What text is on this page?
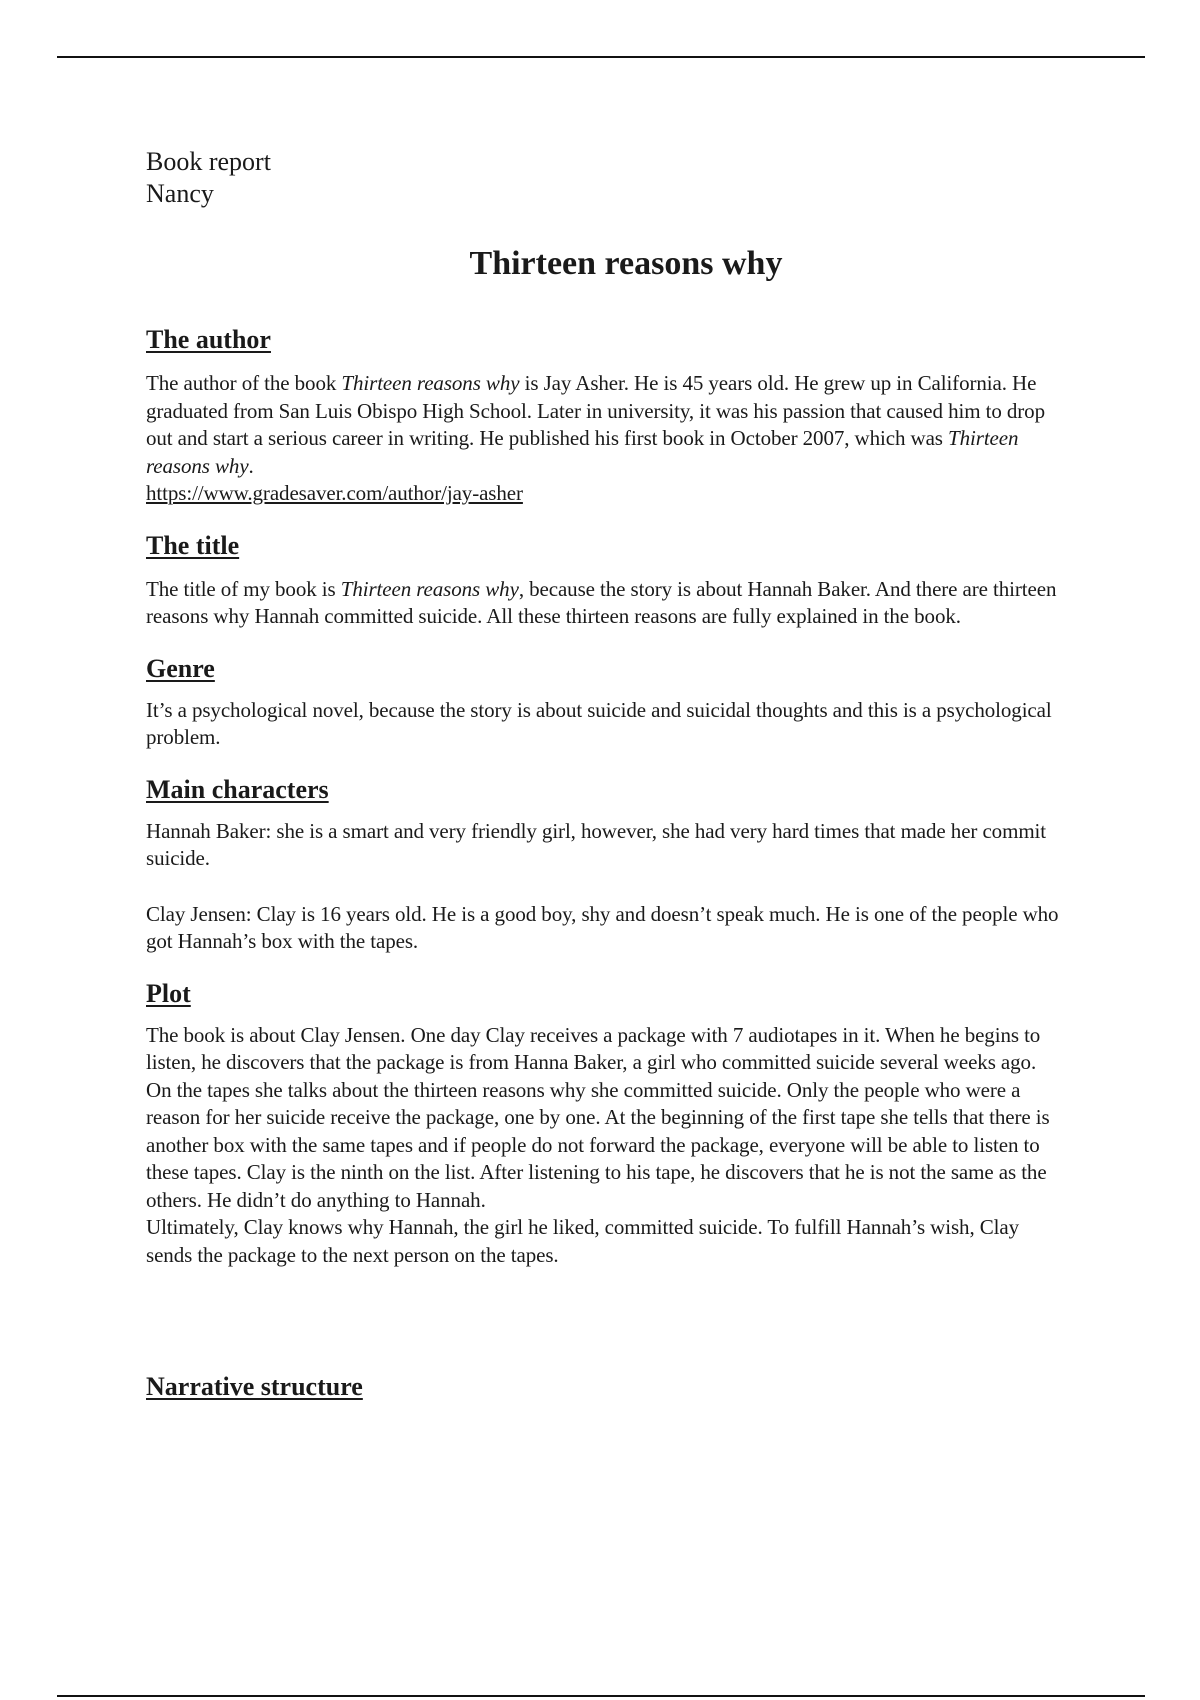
Book report
Nancy
Thirteen reasons why
The author

The author of the book Thirteen reasons why is Jay Asher. He is 45 years old. He grew up in California. He graduated from San Luis Obispo High School. Later in university, it was his passion that caused him to drop out and start a serious career in writing. He published his first book in October 2007, which was Thirteen reasons why.
https://www.gradesaver.com/author/jay-asher

The title

The title of my book is Thirteen reasons why, because the story is about Hannah Baker. And there are thirteen reasons why Hannah committed suicide. All these thirteen reasons are fully explained in the book.

Genre

It’s a psychological novel, because the story is about suicide and suicidal thoughts and this is a psychological problem.

Main characters

Hannah Baker: she is a smart and very friendly girl, however, she had very hard times that made her commit suicide.

Clay Jensen: Clay is 16 years old. He is a good boy, shy and doesn’t speak much. He is one of the people who got Hannah’s box with the tapes.

Plot

The book is about Clay Jensen. One day Clay receives a package with 7 audiotapes in it. When he begins to listen, he discovers that the package is from Hanna Baker, a girl who committed suicide several weeks ago. On the tapes she talks about the thirteen reasons why she committed suicide. Only the people who were a reason for her suicide receive the package, one by one. At the beginning of the first tape she tells that there is another box with the same tapes and if people do not forward the package, everyone will be able to listen to these tapes. Clay is the ninth on the list. After listening to his tape, he discovers that he is not the same as the others. He didn’t do anything to Hannah.

Ultimately, Clay knows why Hannah, the girl he liked, committed suicide. To fulfill Hannah’s wish, Clay sends the package to the next person on the tapes.

Narrative structure
